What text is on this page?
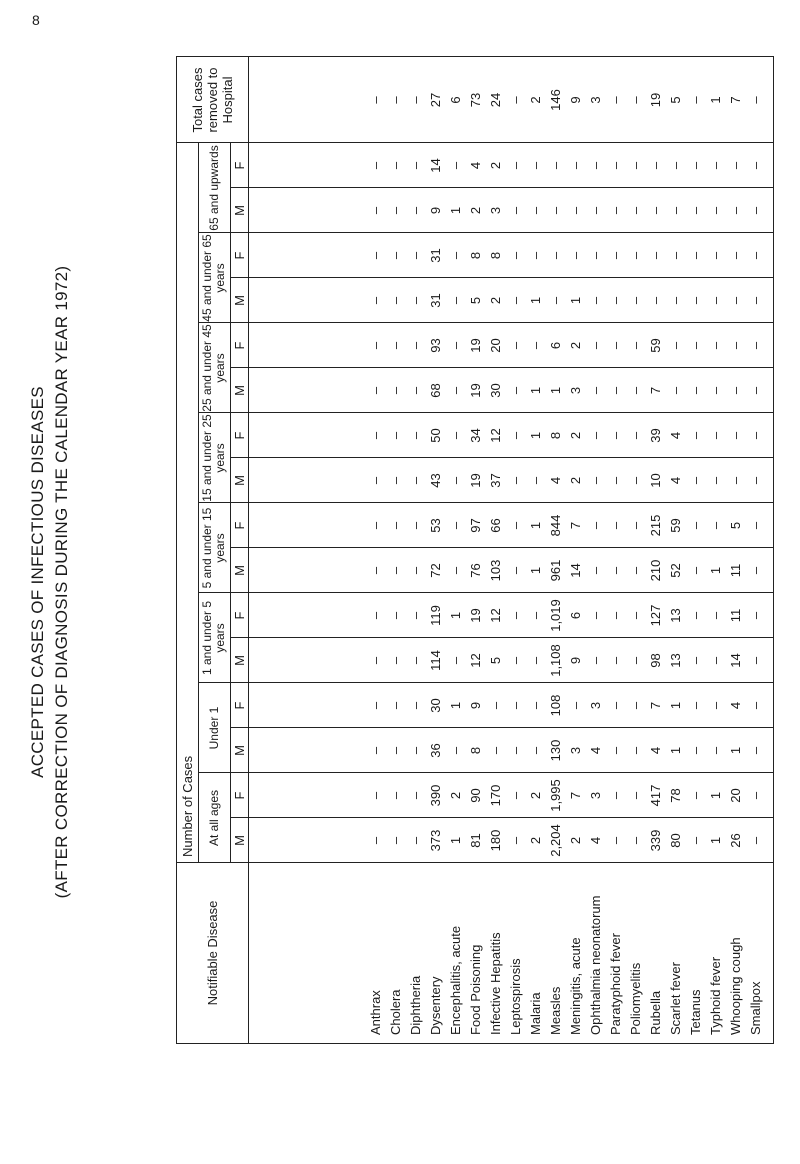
8
ACCEPTED CASES OF INFECTIOUS DISEASES (AFTER CORRECTION OF DIAGNOSIS DURING THE CALENDAR YEAR 1972)
Notifiable Disease
Number of Cases
Total cases removed to Hospital
At all ages
Under 1
1 and under 5 years
5 and under 15 years
15 and under 25 years
25 and under 45 years
45 and under 65 years
65 and upwards
M
F
M
F
M
F
M
F
M
F
M
F
M
F
M
F
Anthrax Cholera Diphtheria Dysentery Encephalitis, acute Food Poisoning Infective Hepatitis Leptospirosis Malaria Measles Meningitis, acute Ophthalmia neonatorum Paratyphoid fever Poliomyelitis Rubella Scarlet fever Tetanus Typhoid fever Whooping cough Smallpox
– – – 373 1 81 180 – 2 2,204 2 4 – – 339 80 – 1 26 –
– – – 390 2 90 170 – 2 1,995 7 3 – – 417 78 – 1 20 –
– – – 36 – 8 – – – 130 3 4 – – 4 1 – – 1 –
– – – 30 1 9 – – – 108 – 3 – – 7 1 – – 4 –
– – – 114 – 12 5 – – 1,108 9 – – – 98 13 – – 14 –
– – – 119 1 19 12 – – 1,019 6 – – – 127 13 – – 11 –
– – – 72 – 76 103 – 1 961 14 – – – 210 52 – 1 11 –
– – – 53 – 97 66 – 1 844 7 – – – 215 59 – – 5 –
– – – 43 – 19 37 – – 4 2 – – – 10 4 – – – –
– – – 50 – 34 12 – 1 8 2 – – – 39 4 – – – –
– – – 68 – 19 30 – 1 1 3 – – – 7 – – – – –
– – – 93 – 19 20 – – 6 2 – – – 59 – – – – –
– – – 31 – 5 2 – 1 – 1 – – – – – – – – –
– – – 31 – 8 8 – – – – – – – – – – – – –
– – – 9 1 2 3 – – – – – – – – – – – – –
– – – 14 – 4 2 – – – – – – – – – – – – –
– – – 27 6 73 24 – 2 146 9 3 – – 19 5 – 1 7 –
